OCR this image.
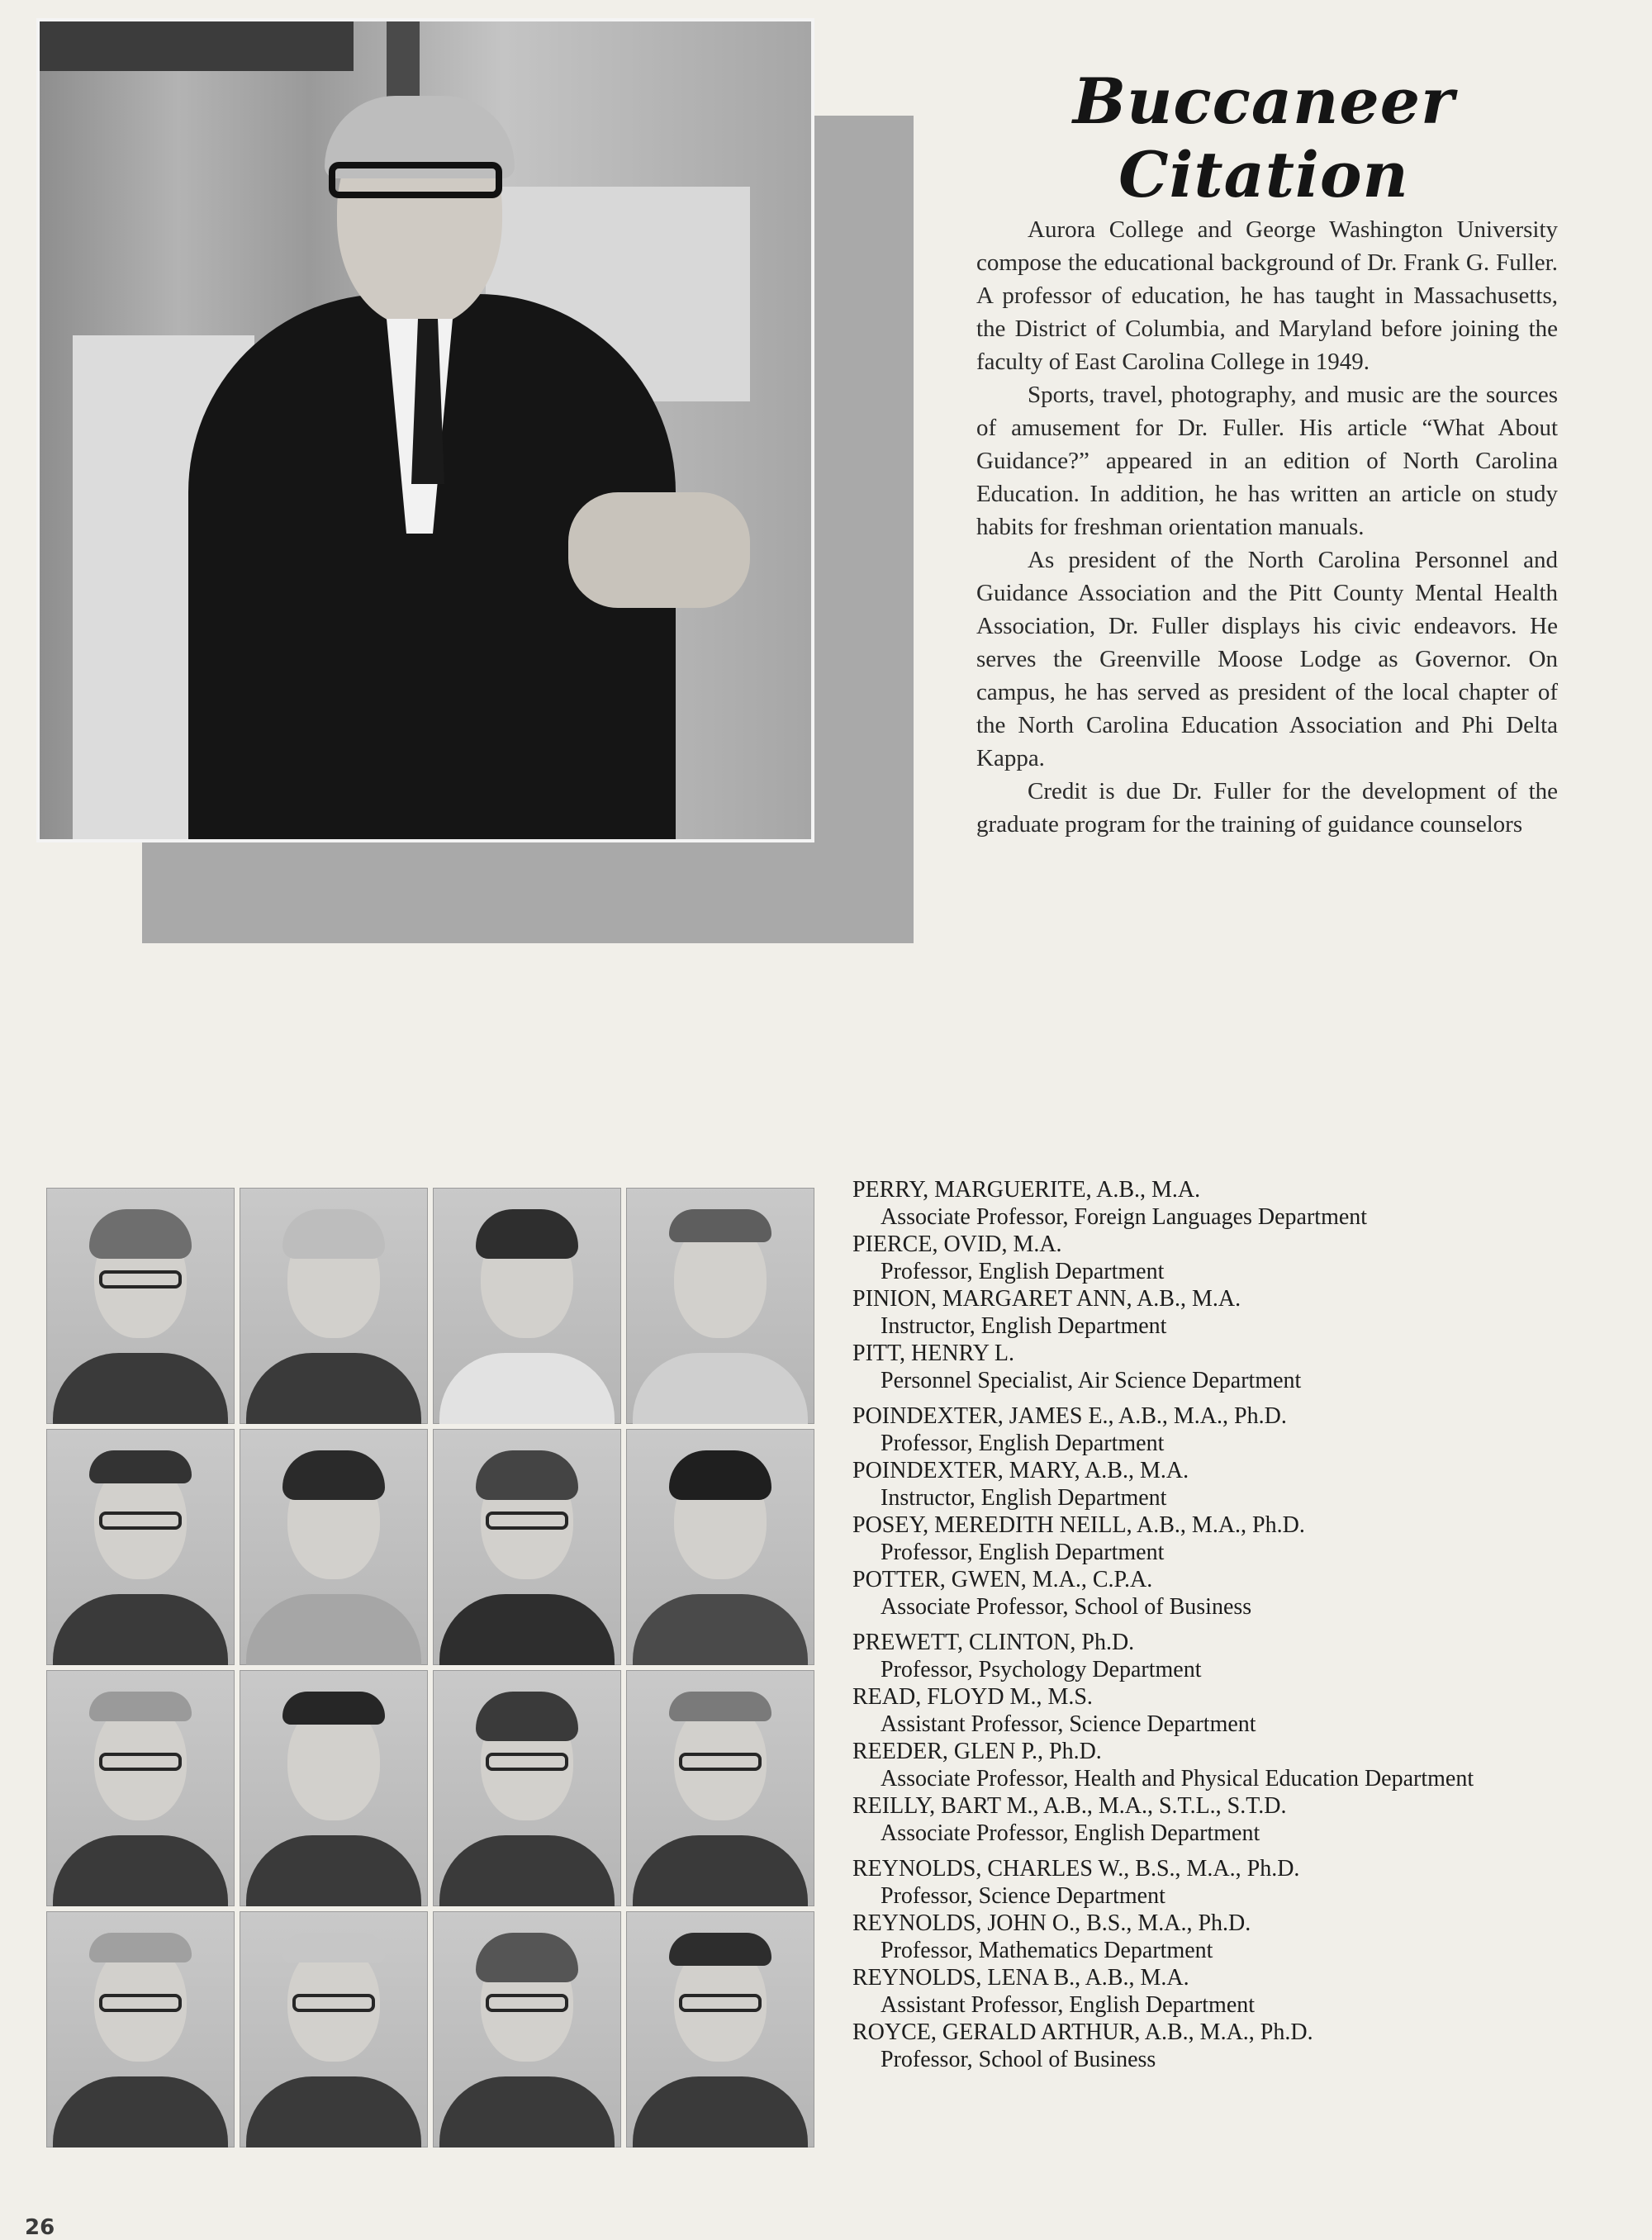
Buccaneer Citation

Aurora College and George Washington University compose the educational background of Dr. Frank G. Fuller. A professor of education, he has taught in Massachusetts, the District of Columbia, and Maryland before joining the faculty of East Carolina College in 1949.

Sports, travel, photography, and music are the sources of amusement for Dr. Fuller. His article “What About Guidance?” appeared in an edition of North Carolina Education. In addition, he has written an article on study habits for freshman orientation manuals.

As president of the North Carolina Personnel and Guidance Association and the Pitt County Mental Health Association, Dr. Fuller displays his civic endeavors. He serves the Greenville Moose Lodge as Governor. On campus, he has served as president of the local chapter of the North Carolina Education Association and Phi Delta Kappa.

Credit is due Dr. Fuller for the development of the graduate program for the training of guidance counselors

PERRY, MARGUERITE, A.B., M.A.
Associate Professor, Foreign Languages Department
PIERCE, OVID, M.A.
Professor, English Department
PINION, MARGARET ANN, A.B., M.A.
Instructor, English Department
PITT, HENRY L.
Personnel Specialist, Air Science Department
POINDEXTER, JAMES E., A.B., M.A., Ph.D.
Professor, English Department
POINDEXTER, MARY, A.B., M.A.
Instructor, English Department
POSEY, MEREDITH NEILL, A.B., M.A., Ph.D.
Professor, English Department
POTTER, GWEN, M.A., C.P.A.
Associate Professor, School of Business
PREWETT, CLINTON, Ph.D.
Professor, Psychology Department
READ, FLOYD M., M.S.
Assistant Professor, Science Department
REEDER, GLEN P., Ph.D.
Associate Professor, Health and Physical Education Department
REILLY, BART M., A.B., M.A., S.T.L., S.T.D.
Associate Professor, English Department
REYNOLDS, CHARLES W., B.S., M.A., Ph.D.
Professor, Science Department
REYNOLDS, JOHN O., B.S., M.A., Ph.D.
Professor, Mathematics Department
REYNOLDS, LENA B., A.B., M.A.
Assistant Professor, English Department
ROYCE, GERALD ARTHUR, A.B., M.A., Ph.D.
Professor, School of Business
26
